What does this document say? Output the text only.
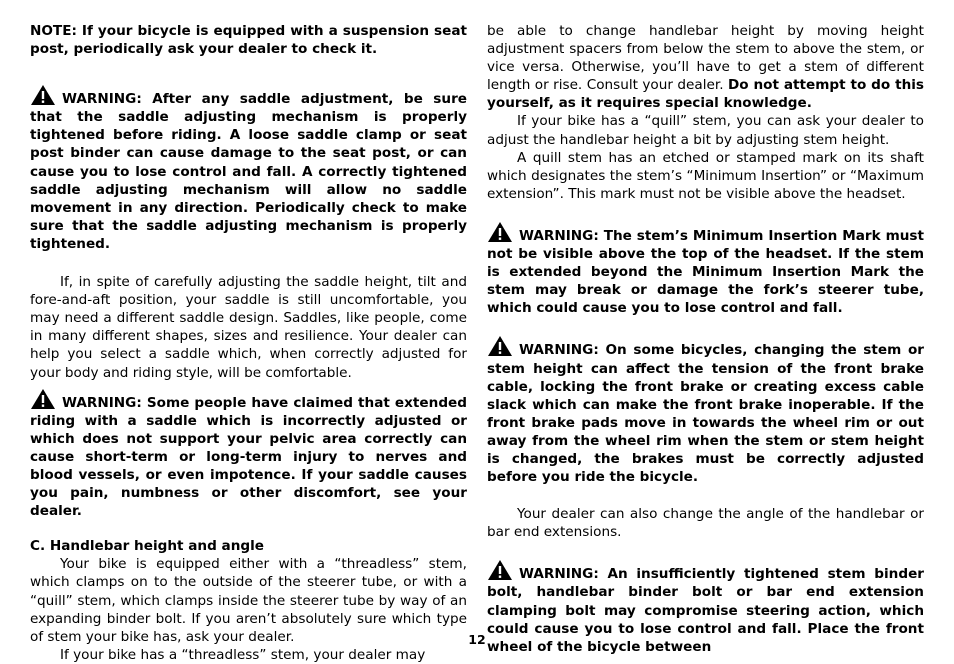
NOTE: If your bicycle is equipped with a suspension seat post, periodically ask your dealer to check it.

WARNING: After any saddle adjustment, be sure that the saddle adjusting mechanism is properly tightened before riding. A loose saddle clamp or seat post binder can cause damage to the seat post, or can cause you to lose control and fall. A correctly tightened saddle adjusting mechanism will allow no saddle movement in any direction. Periodically check to make sure that the saddle adjusting mechanism is properly tightened.

If, in spite of carefully adjusting the saddle height, tilt and fore-and-aft position, your saddle is still uncomfortable, you may need a different saddle design. Saddles, like people, come in many different shapes, sizes and resilience. Your dealer can help you select a saddle which, when correctly adjusted for your body and riding style, will be comfortable.

WARNING: Some people have claimed that extended riding with a saddle which is incorrectly adjusted or which does not support your pelvic area correctly can cause short-term or long-term injury to nerves and blood vessels, or even impotence. If your saddle causes you pain, numbness or other discomfort, see your dealer.

C. Handlebar height and angle

Your bike is equipped either with a “threadless” stem, which clamps on to the outside of the steerer tube, or with a “quill” stem, which clamps inside the steerer tube by way of an expanding binder bolt. If you aren’t absolutely sure which type of stem your bike has, ask your dealer.

If your bike has a “threadless” stem, your dealer may

be able to change handlebar height by moving height adjustment spacers from below the stem to above the stem, or vice versa. Otherwise, you’ll have to get a stem of different length or rise. Consult your dealer. Do not attempt to do this yourself, as it requires special knowledge.

If your bike has a “quill” stem, you can ask your dealer to adjust the handlebar height a bit by adjusting stem height.

A quill stem has an etched or stamped mark on its shaft which designates the stem’s “Minimum Insertion” or “Maximum extension”. This mark must not be visible above the headset.

WARNING: The stem’s Minimum Insertion Mark must not be visible above the top of the headset. If the stem is extended beyond the Minimum Insertion Mark the stem may break or damage the fork’s steerer tube, which could cause you to lose control and fall.

WARNING: On some bicycles, changing the stem or stem height can affect the tension of the front brake cable, locking the front brake or creating excess cable slack which can make the front brake inoperable. If the front brake pads move in towards the wheel rim or out away from the wheel rim when the stem or stem height is changed, the brakes must be correctly adjusted before you ride the bicycle.

Your dealer can also change the angle of the handlebar or bar end extensions.

WARNING: An insufficiently tightened stem binder bolt, handlebar binder bolt or bar end extension clamping bolt may compromise steering action, which could cause you to lose control and fall. Place the front wheel of the bicycle between

12
